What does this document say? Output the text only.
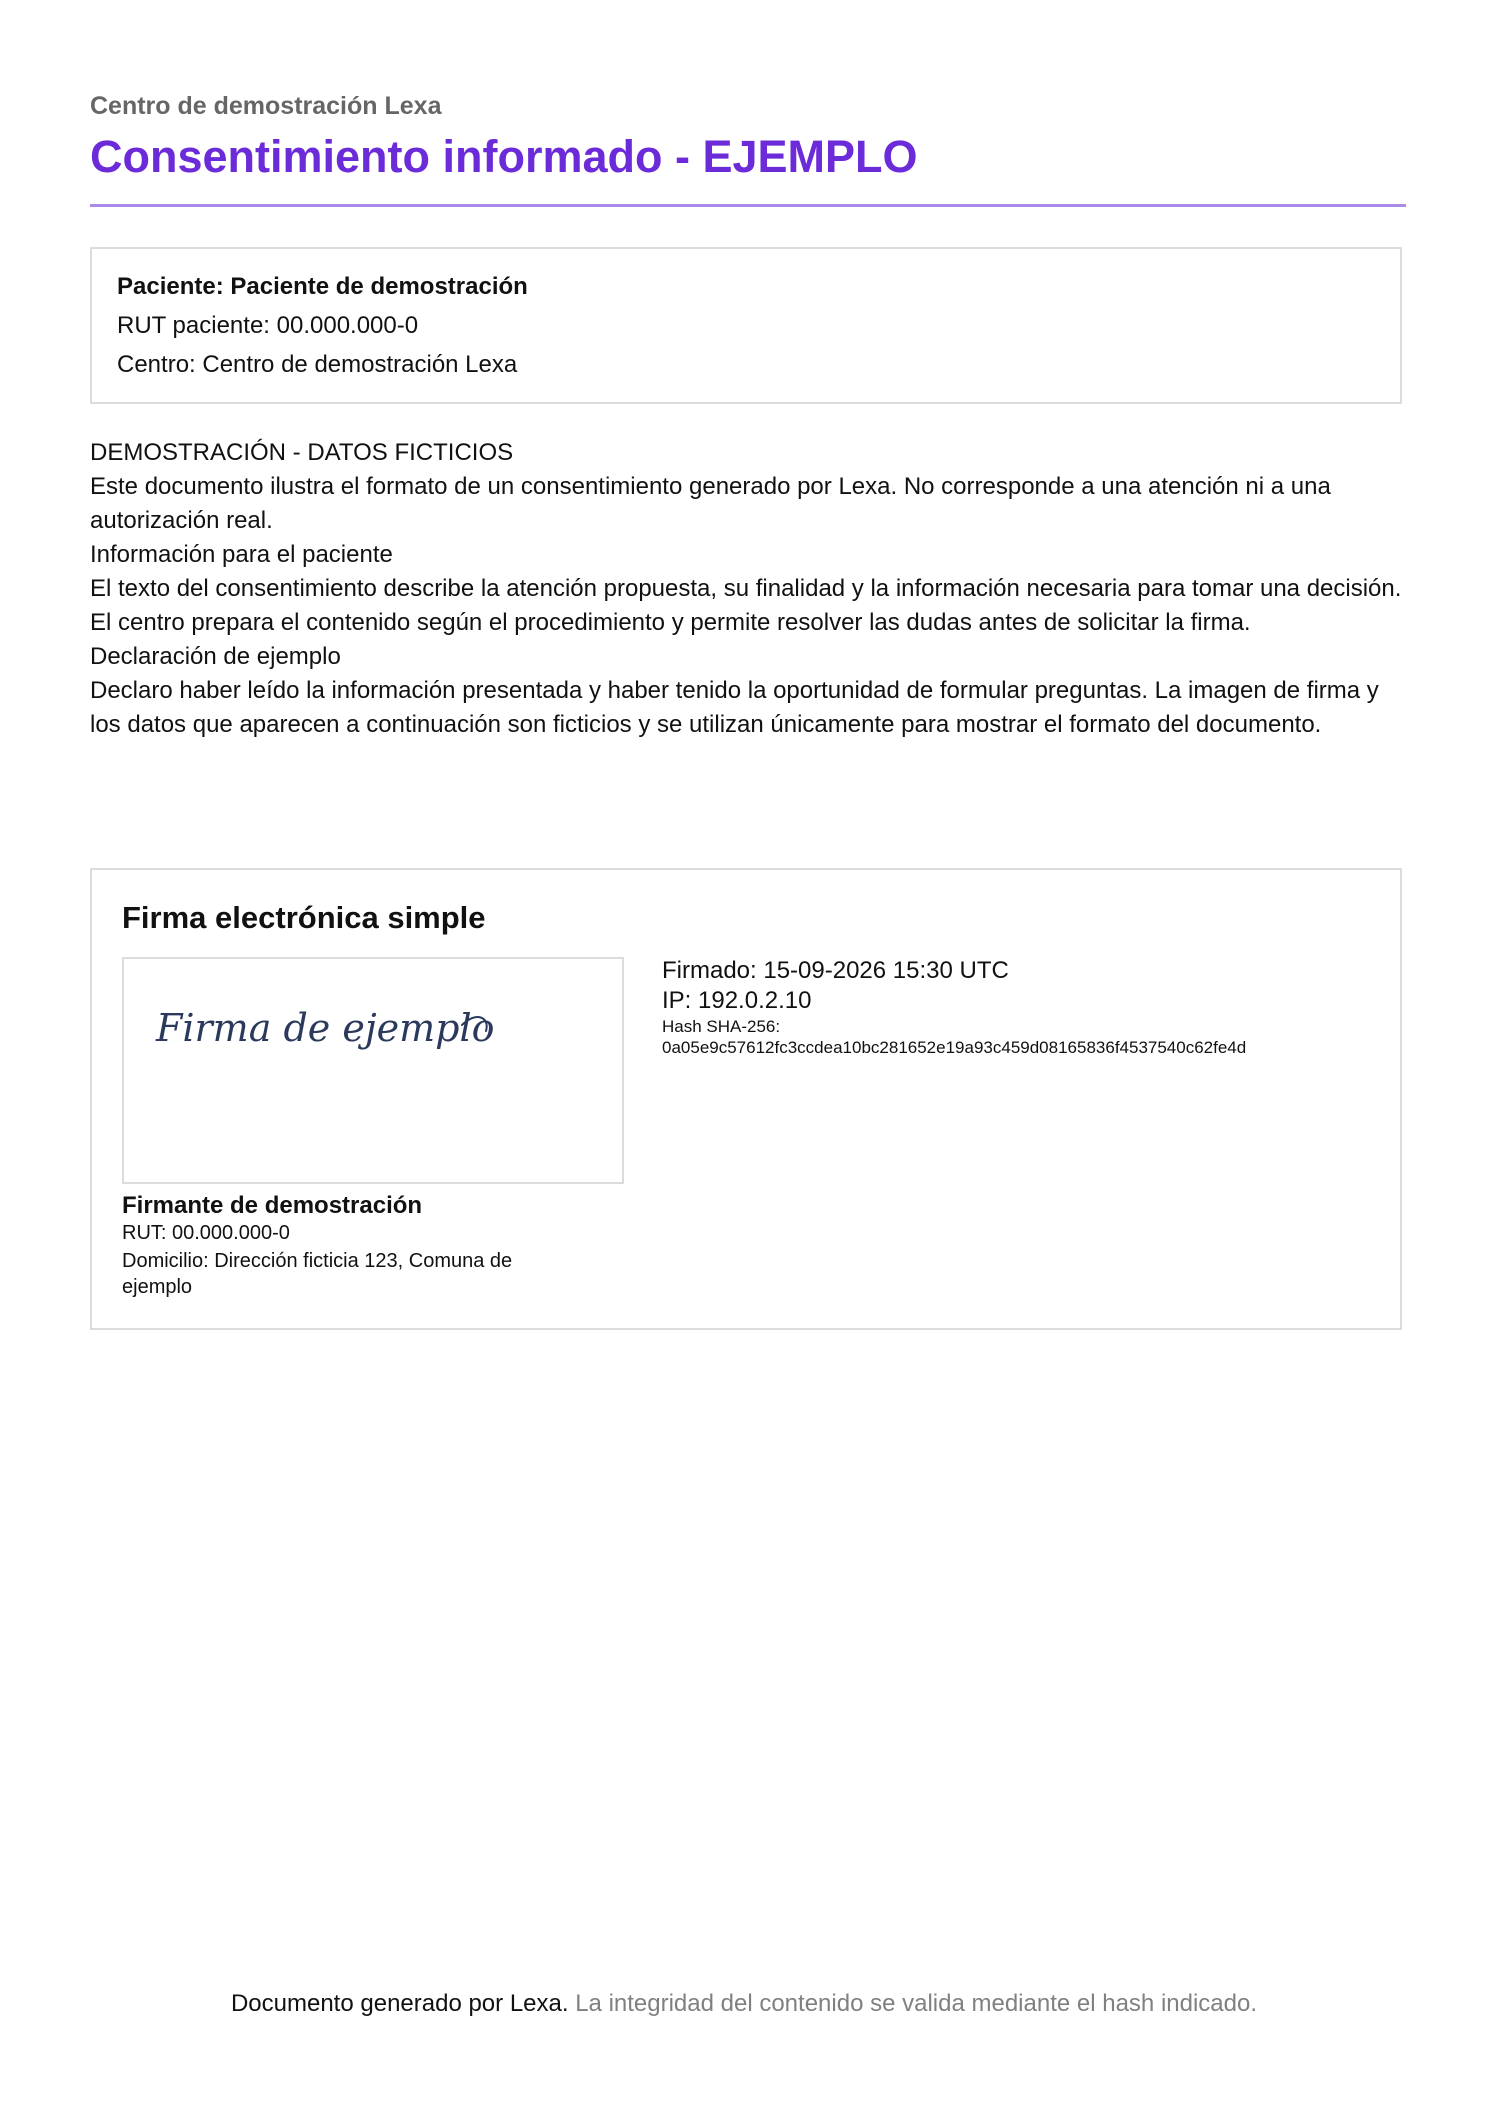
Centro de demostración Lexa
Consentimiento informado - EJEMPLO
Paciente: Paciente de demostración
RUT paciente: 00.000.000-0
Centro: Centro de demostración Lexa

DEMOSTRACIÓN - DATOS FICTICIOS

Este documento ilustra el formato de un consentimiento generado por Lexa. No corresponde a una atención ni a una autorización real.

Información para el paciente

El texto del consentimiento describe la atención propuesta, su finalidad y la información necesaria para tomar una decisión. El centro prepara el contenido según el procedimiento y permite resolver las dudas antes de solicitar la firma.

Declaración de ejemplo

Declaro haber leído la información presentada y haber tenido la oportunidad de formular preguntas. La imagen de firma y los datos que aparecen a continuación son ficticios y se utilizan únicamente para mostrar el formato del documento.

Firma electrónica simple
Firma de ejemplo
Firmante de demostración
RUT: 00.000.000-0
Domicilio: Dirección ficticia 123, Comuna de ejemplo
Firmado: 15-09-2026 15:30 UTC
IP: 192.0.2.10
Hash SHA-256:
0a05e9c57612fc3ccdea10bc281652e19a93c459d08165836f4537540c62fe4d
Documento generado por Lexa. La integridad del contenido se valida mediante el hash indicado.
